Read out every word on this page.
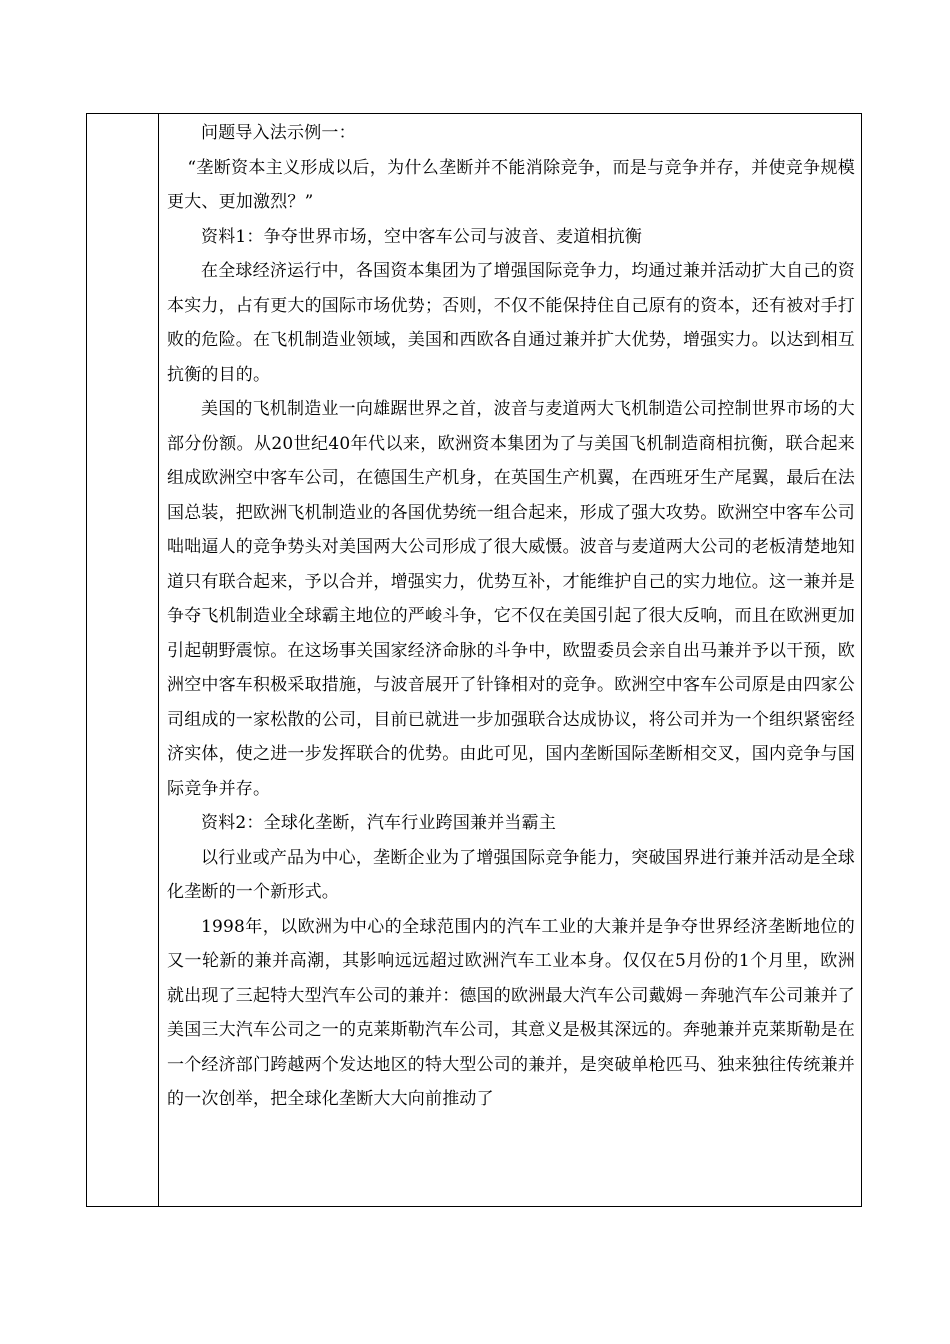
问题导入法示例一：

“垄断资本主义形成以后，为什么垄断并不能消除竞争，而是与竞争并存，并使竞争规模更大、更加激烈？”

资料1：争夺世界市场，空中客车公司与波音、麦道相抗衡

在全球经济运行中，各国资本集团为了增强国际竞争力，均通过兼并活动扩大自己的资本实力，占有更大的国际市场优势；否则，不仅不能保持住自己原有的资本，还有被对手打败的危险。在飞机制造业领域，美国和西欧各自通过兼并扩大优势，增强实力。以达到相互抗衡的目的。

美国的飞机制造业一向雄踞世界之首，波音与麦道两大飞机制造公司控制世界市场的大部分份额。从20世纪40年代以来，欧洲资本集团为了与美国飞机制造商相抗衡，联合起来组成欧洲空中客车公司，在德国生产机身，在英国生产机翼，在西班牙生产尾翼，最后在法国总装，把欧洲飞机制造业的各国优势统一组合起来，形成了强大攻势。欧洲空中客车公司咄咄逼人的竞争势头对美国两大公司形成了很大威慑。波音与麦道两大公司的老板清楚地知道只有联合起来，予以合并，增强实力，优势互补，才能维护自己的实力地位。这一兼并是争夺飞机制造业全球霸主地位的严峻斗争，它不仅在美国引起了很大反响，而且在欧洲更加引起朝野震惊。在这场事关国家经济命脉的斗争中，欧盟委员会亲自出马兼并予以干预，欧洲空中客车积极采取措施，与波音展开了针锋相对的竞争。欧洲空中客车公司原是由四家公司组成的一家松散的公司，目前已就进一步加强联合达成协议，将公司并为一个组织紧密经济实体，使之进一步发挥联合的优势。由此可见，国内垄断国际垄断相交叉，国内竞争与国际竞争并存。

资料2：全球化垄断，汽车行业跨国兼并当霸主

以行业或产品为中心，垄断企业为了增强国际竞争能力，突破国界进行兼并活动是全球化垄断的一个新形式。

1998年，以欧洲为中心的全球范围内的汽车工业的大兼并是争夺世界经济垄断地位的又一轮新的兼并高潮，其影响远远超过欧洲汽车工业本身。仅仅在5月份的1个月里，欧洲就出现了三起特大型汽车公司的兼并：德国的欧洲最大汽车公司戴姆－奔驰汽车公司兼并了美国三大汽车公司之一的克莱斯勒汽车公司，其意义是极其深远的。奔驰兼并克莱斯勒是在一个经济部门跨越两个发达地区的特大型公司的兼并，是突破单枪匹马、独来独往传统兼并的一次创举，把全球化垄断大大向前推动了
